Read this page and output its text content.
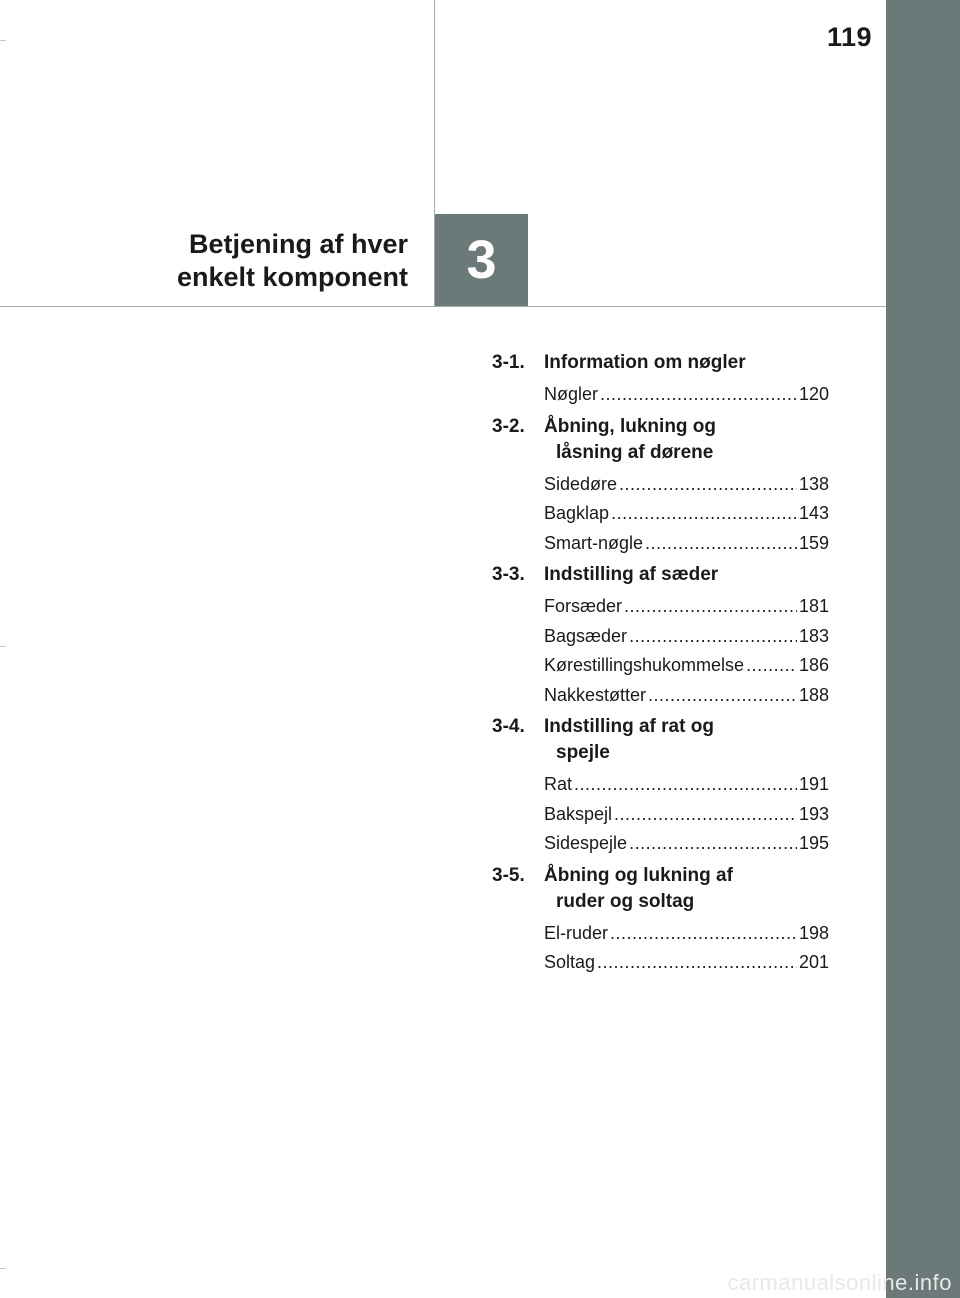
119
Betjening af hver
enkelt komponent 3
3-1.	Information om nøgler
Nøgler .....	120
3-2.	Åbning, lukning og
låsning af dørene
Sidedøre .....	138
Bagklap .....	143
Smart-nøgle .....	159
3-3.	Indstilling af sæder
Forsæder .....	181
Bagsæder .....	183
Kørestillingshukommelse .....	186
Nakkestøtter .....	188
3-4.	Indstilling af rat og
spejle
Rat .....	191
Bakspejl .....	193
Sidespejle .....	195
3-5.	Åbning og lukning af
ruder og soltag
El-ruder .....	198
Soltag .....	201
carmanualsonline.info
